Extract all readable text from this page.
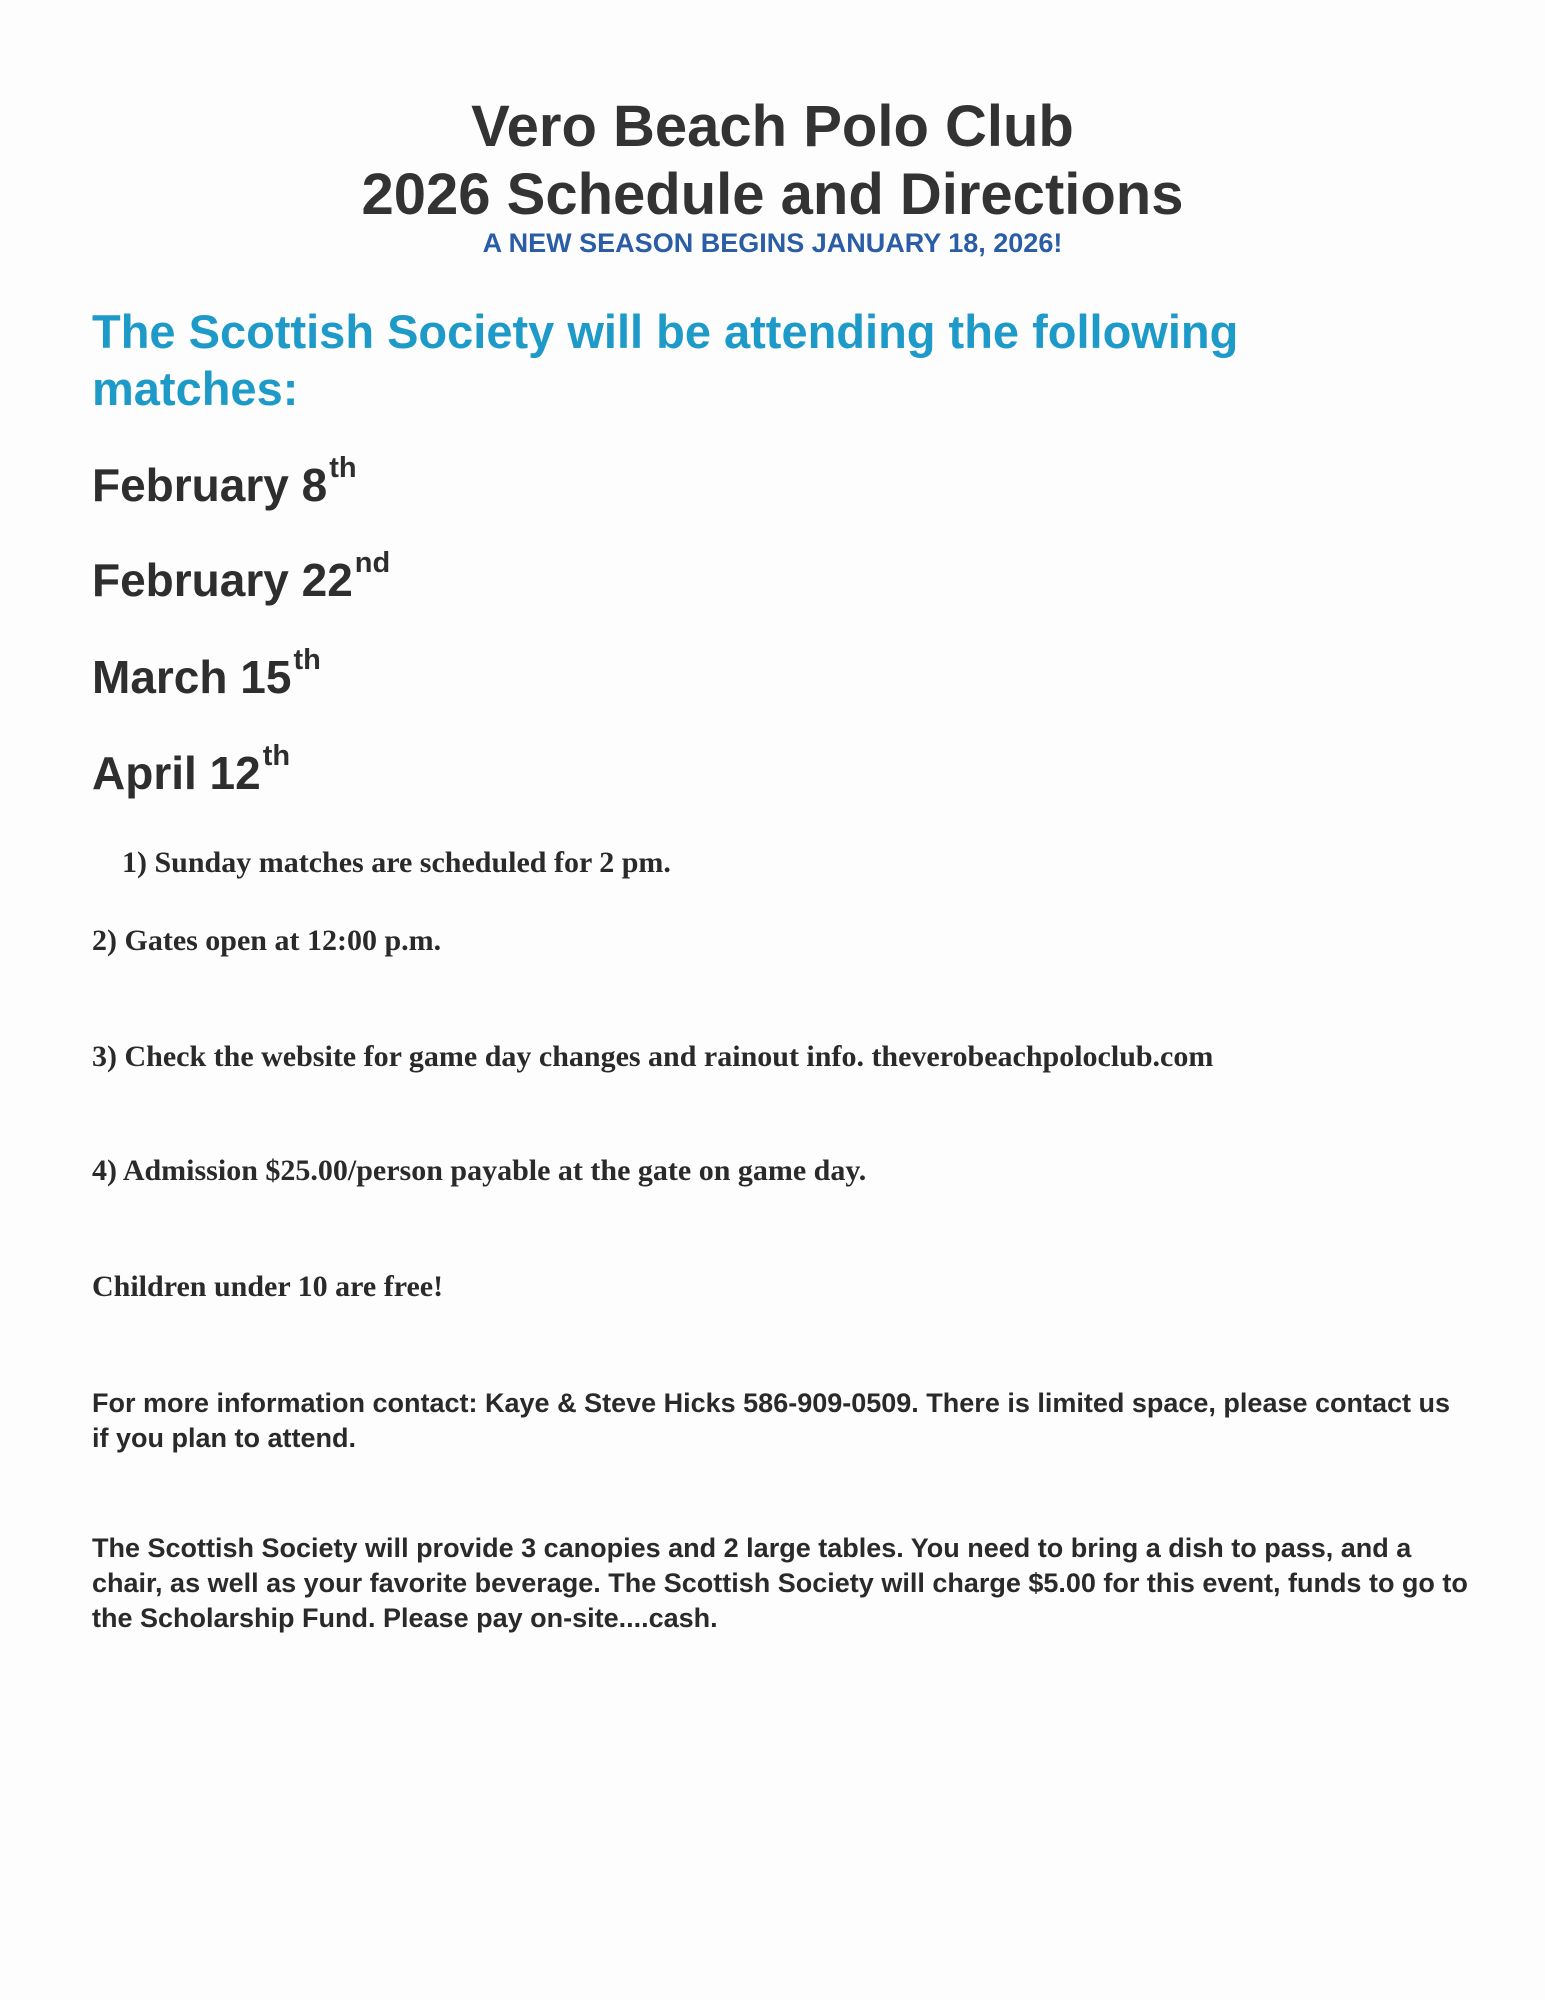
Vero Beach Polo Club
2026 Schedule and Directions
A NEW SEASON BEGINS JANUARY 18, 2026!
The Scottish Society will be attending the following matches:
February 8th
February 22nd
March 15th
April 12th
1) Sunday matches are scheduled for 2 pm.
2) Gates open at 12:00 p.m.
3) Check the website for game day changes and rainout info. theverobeachpoloclub.com
4) Admission $25.00/person payable at the gate on game day.
Children under 10 are free!
For more information contact: Kaye & Steve Hicks 586-909-0509. There is limited space, please contact us if you plan to attend.
The Scottish Society will provide 3 canopies and 2 large tables. You need to bring a dish to pass, and a chair, as well as your favorite beverage. The Scottish Society will charge $5.00 for this event, funds to go to the Scholarship Fund. Please pay on-site....cash.
